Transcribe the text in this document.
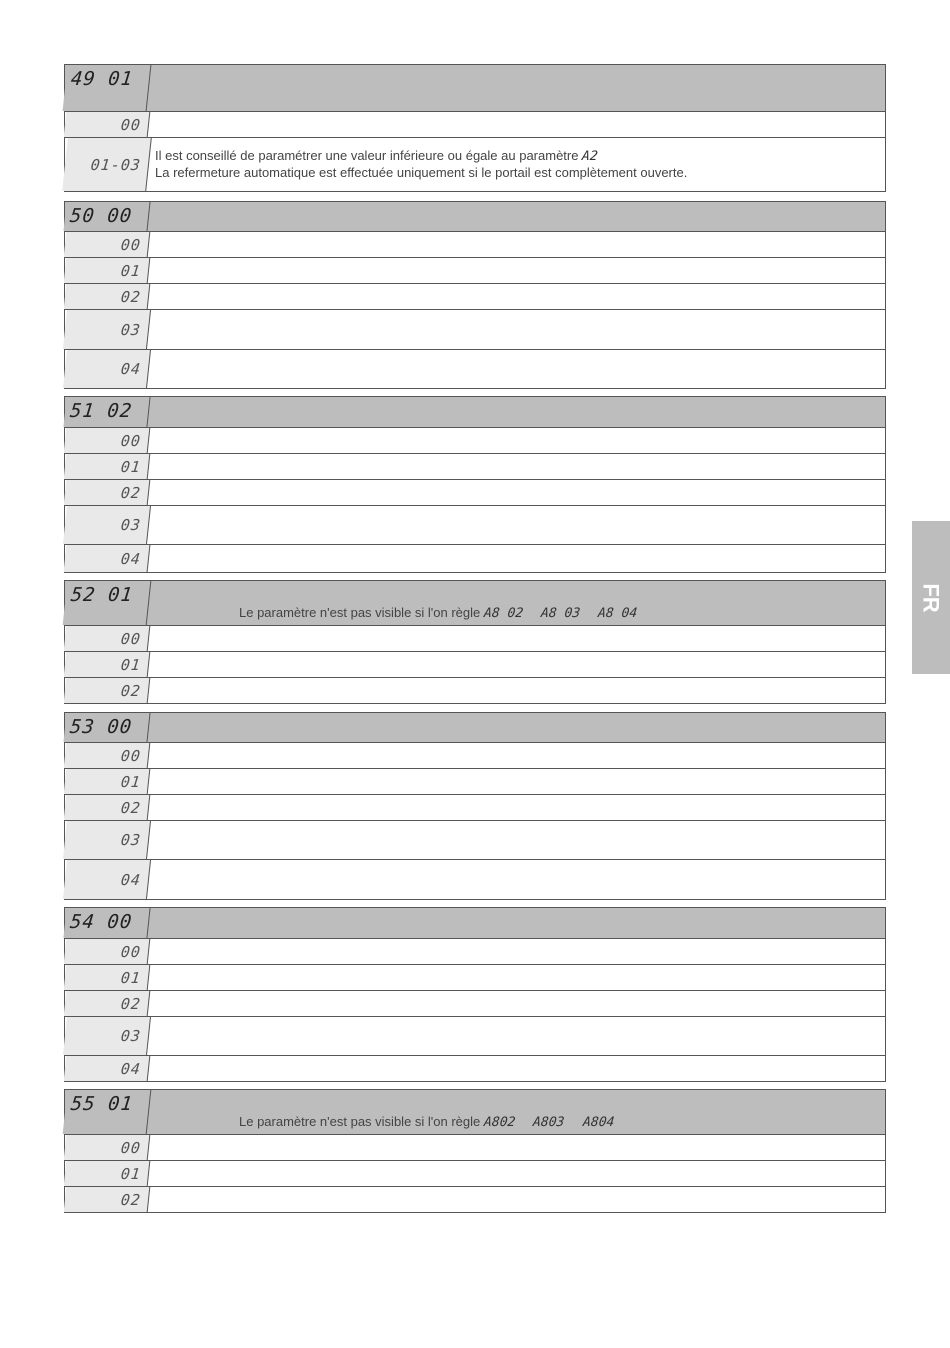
49 01
00
01-03	Il est conseillé de paramétrer une valeur inférieure ou égale au paramètre A2
La refermeture automatique est effectuée uniquement si le portail est complètement ouverte.
50 00
00
01
02
03
04
51 02
00
01
02
03
04
52 01
Le paramètre n'est pas visible si l'on règle A8 02 A8 03 A8 04
00
01
02
53 00
00
01
02
03
04
54 00
00
01
02
03
04
55 01
Le paramètre n'est pas visible si l'on règle A802 A803 A804
00
01
02
FR
